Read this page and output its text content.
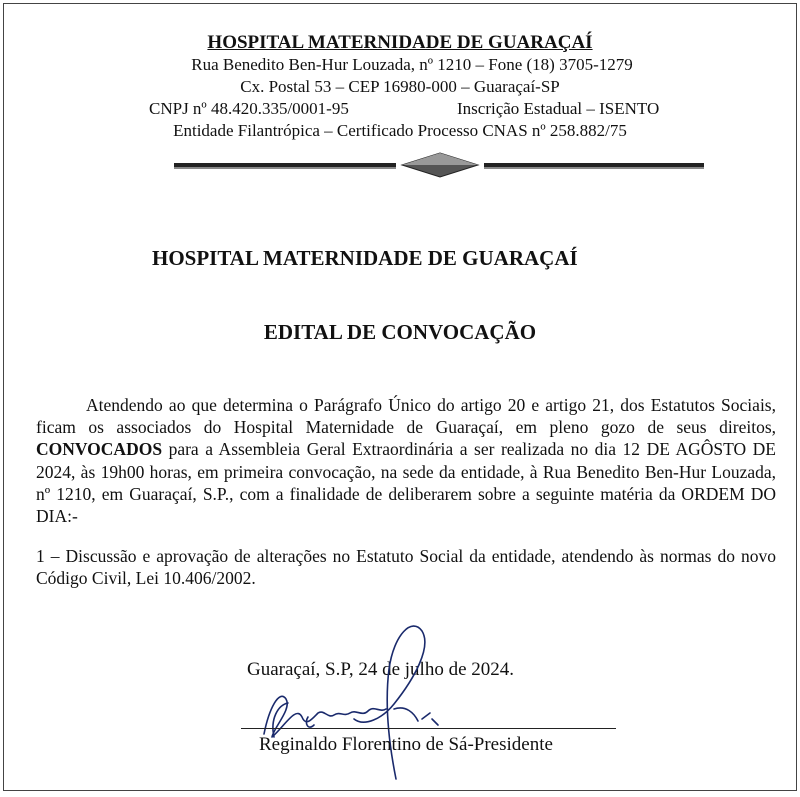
HOSPITAL MATERNIDADE DE GUARAÇAÍ
Rua Benedito Ben-Hur Louzada, nº 1210 – Fone (18) 3705-1279
Cx. Postal 53 – CEP 16980-000 – Guaraçaí-SP
CNPJ nº 48.420.335/0001-95	Inscrição Estadual – ISENTO
Entidade Filantrópica – Certificado Processo CNAS nº 258.882/75
HOSPITAL MATERNIDADE DE GUARAÇAÍ
EDITAL DE CONVOCAÇÃO
Atendendo ao que determina o Parágrafo Único do artigo 20 e artigo 21, dos Estatutos Sociais, ficam os associados do Hospital Maternidade de Guaraçaí, em pleno gozo de seus direitos, CONVOCADOS para a Assembleia Geral Extraordinária a ser realizada no dia 12 DE AGÔSTO DE 2024, às 19h00 horas, em primeira convocação, na sede da entidade, à Rua Benedito Ben-Hur Louzada, nº 1210, em Guaraçaí, S.P., com a finalidade de deliberarem sobre a seguinte matéria da ORDEM DO DIA:-
1 – Discussão e aprovação de alterações no Estatuto Social da entidade, atendendo às normas do novo Código Civil, Lei 10.406/2002.
Guaraçaí, S.P, 24 de julho de 2024.
Reginaldo Florentino de Sá-Presidente
